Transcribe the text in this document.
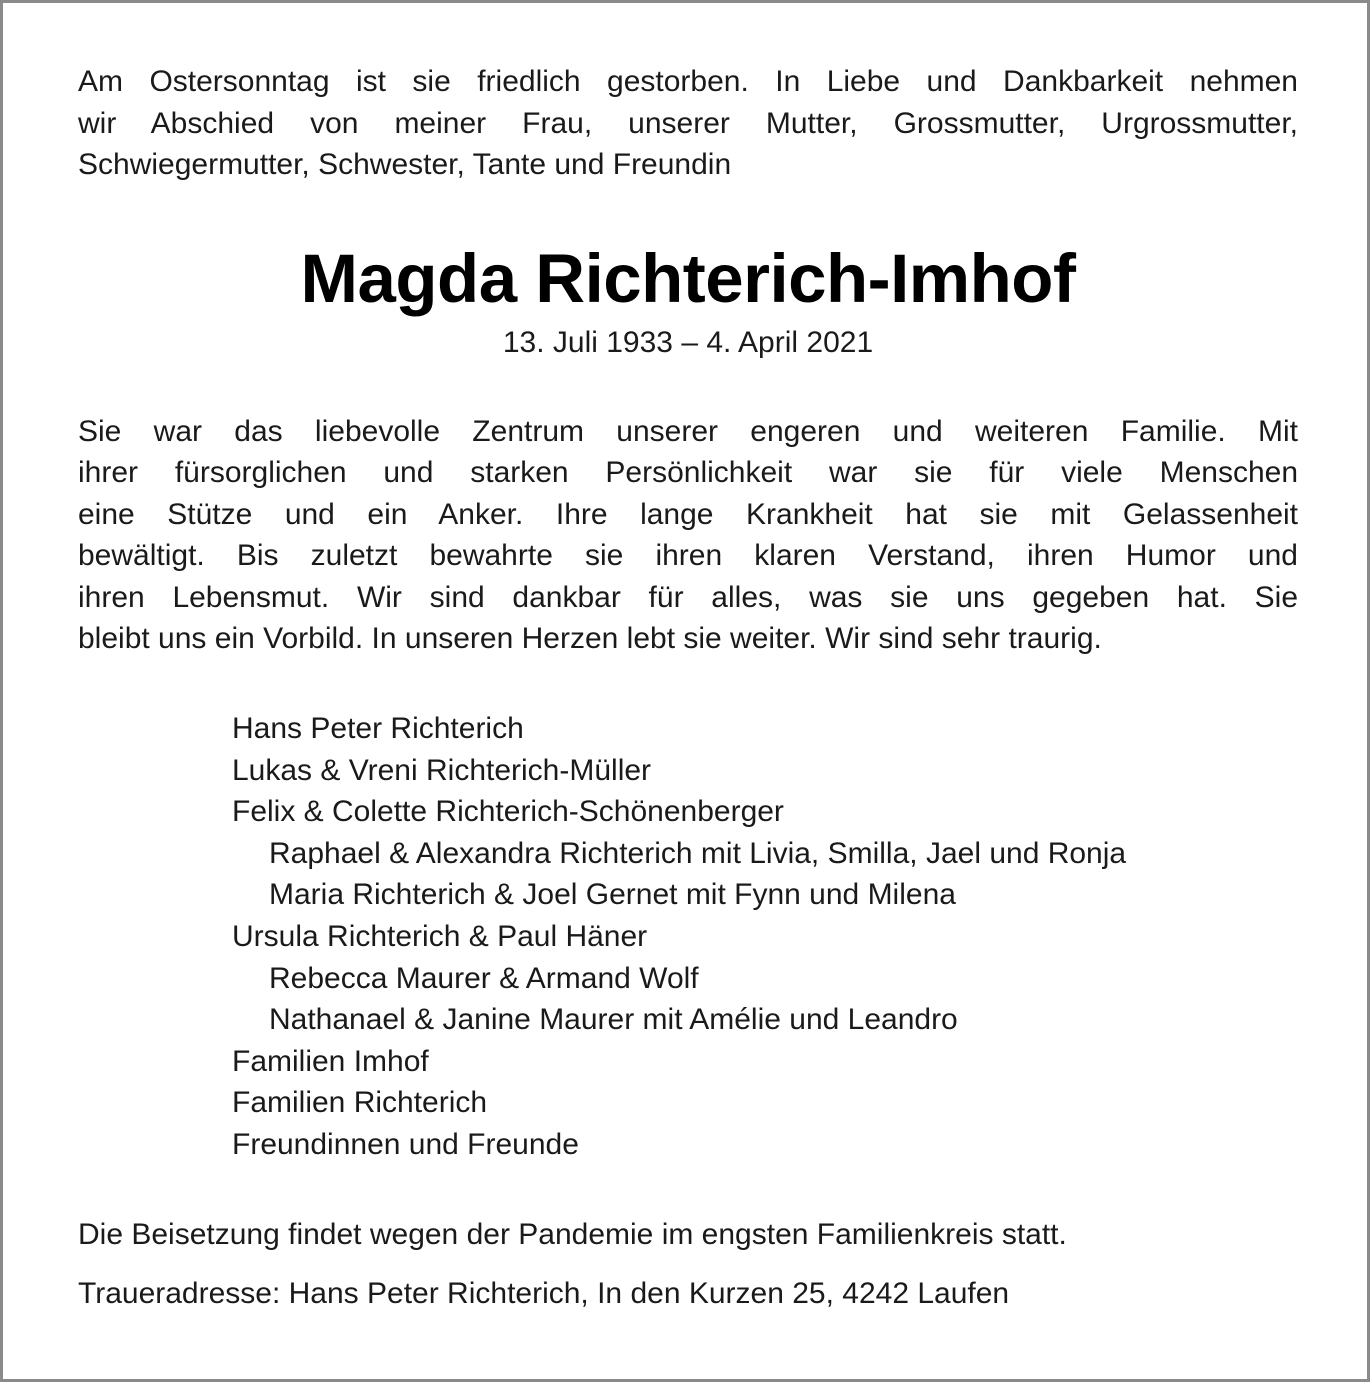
Am Ostersonntag ist sie friedlich gestorben. In Liebe und Dankbarkeit nehmen
wir Abschied von meiner Frau, unserer Mutter, Grossmutter, Urgrossmutter,
Schwiegermutter, Schwester, Tante und Freundin

Magda Richterich-Imhof
13. Juli 1933 – 4. April 2021

Sie war das liebevolle Zentrum unserer engeren und weiteren Familie. Mit
ihrer fürsorglichen und starken Persönlichkeit war sie für viele Menschen
eine Stütze und ein Anker. Ihre lange Krankheit hat sie mit Gelassenheit
bewältigt. Bis zuletzt bewahrte sie ihren klaren Verstand, ihren Humor und
ihren Lebensmut. Wir sind dankbar für alles, was sie uns gegeben hat. Sie
bleibt uns ein Vorbild. In unseren Herzen lebt sie weiter. Wir sind sehr traurig.

Hans Peter Richterich
Lukas & Vreni Richterich-Müller
Felix & Colette Richterich-Schönenberger
Raphael & Alexandra Richterich mit Livia, Smilla, Jael und Ronja
Maria Richterich & Joel Gernet mit Fynn und Milena
Ursula Richterich & Paul Häner
Rebecca Maurer & Armand Wolf
Nathanael & Janine Maurer mit Amélie und Leandro
Familien Imhof
Familien Richterich
Freundinnen und Freunde

Die Beisetzung findet wegen der Pandemie im engsten Familienkreis statt.

Traueradresse: Hans Peter Richterich, In den Kurzen 25, 4242 Laufen
